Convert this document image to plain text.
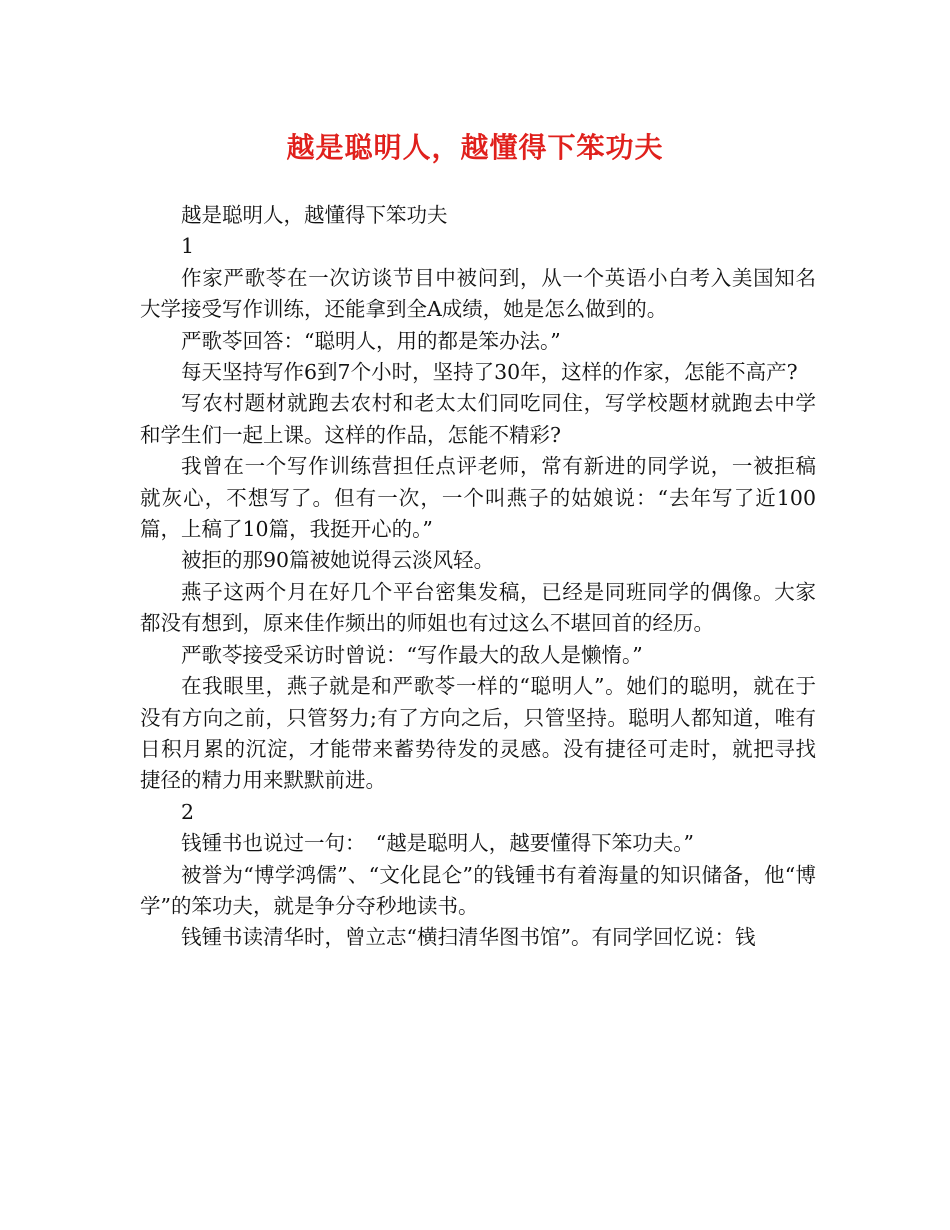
越是聪明人，越懂得下笨功夫

越是聪明人，越懂得下笨功夫

1

作家严歌苓在一次访谈节目中被问到，从一个英语小白考入美国知名大学接受写作训练，还能拿到全A成绩，她是怎么做到的。

严歌苓回答：“聪明人，用的都是笨办法。”

每天坚持写作6到7个小时，坚持了30年，这样的作家，怎能不高产?

写农村题材就跑去农村和老太太们同吃同住，写学校题材就跑去中学和学生们一起上课。这样的作品，怎能不精彩?

我曾在一个写作训练营担任点评老师，常有新进的同学说，一被拒稿就灰心，不想写了。但有一次，一个叫燕子的姑娘说：“去年写了近100篇，上稿了10篇，我挺开心的。”

被拒的那90篇被她说得云淡风轻。

燕子这两个月在好几个平台密集发稿，已经是同班同学的偶像。大家都没有想到，原来佳作频出的师姐也有过这么不堪回首的经历。

严歌苓接受采访时曾说：“写作最大的敌人是懒惰。”

在我眼里，燕子就是和严歌苓一样的“聪明人”。她们的聪明，就在于没有方向之前，只管努力;有了方向之后，只管坚持。聪明人都知道，唯有日积月累的沉淀，才能带来蓄势待发的灵感。没有捷径可走时，就把寻找捷径的精力用来默默前进。

2

钱锺书也说过一句：　“越是聪明人，越要懂得下笨功夫。”

被誉为“博学鸿儒”、“文化昆仑”的钱锺书有着海量的知识储备，他“博学”的笨功夫，就是争分夺秒地读书。

钱锺书读清华时，曾立志“横扫清华图书馆”。有同学回忆说：钱
